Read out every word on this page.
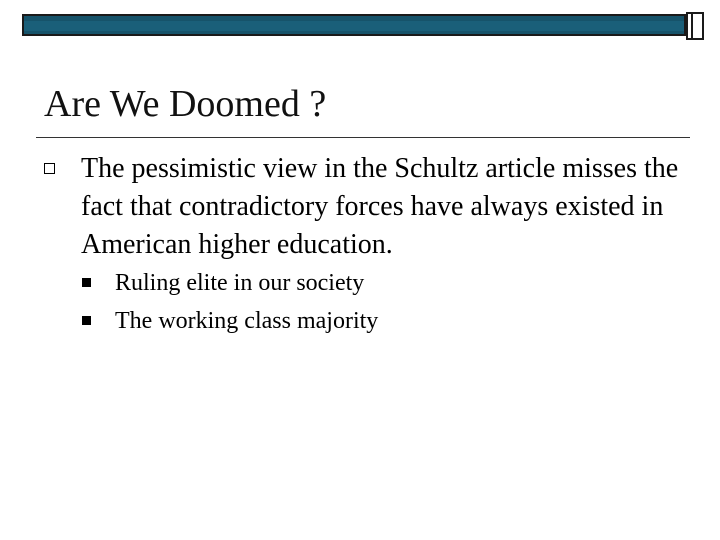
Are We Doomed ?
The pessimistic view in the Schultz article misses the fact that contradictory forces have always existed in American higher education.
Ruling elite in our society
The working class majority
